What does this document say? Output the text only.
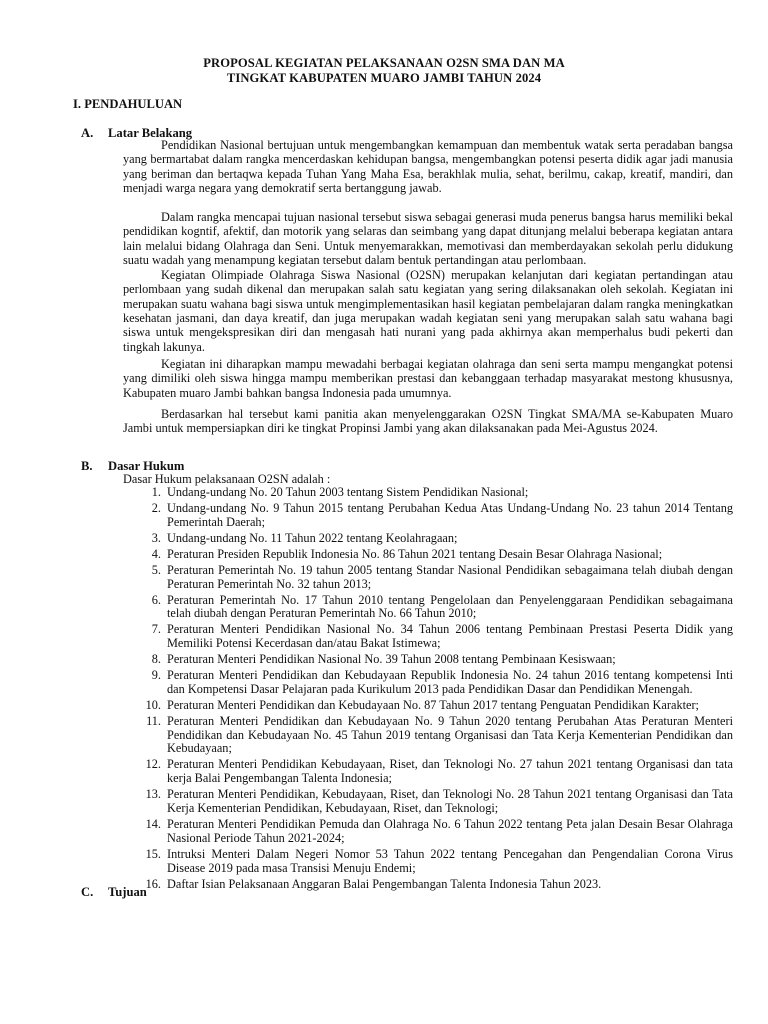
PROPOSAL KEGIATAN PELAKSANAAN O2SN SMA DAN MA
TINGKAT KABUPATEN MUARO JAMBI TAHUN 2024
I. PENDAHULUAN
A. Latar Belakang

Pendidikan Nasional bertujuan untuk mengembangkan kemampuan dan membentuk watak serta peradaban bangsa yang bermartabat dalam rangka mencerdaskan kehidupan bangsa, mengembangkan potensi peserta didik agar jadi manusia yang beriman dan bertaqwa kepada Tuhan Yang Maha Esa, berakhlak mulia, sehat, berilmu, cakap, kreatif, mandiri, dan menjadi warga negara yang demokratif serta bertanggung jawab.

Dalam rangka mencapai tujuan nasional tersebut siswa sebagai generasi muda penerus bangsa harus memiliki bekal pendidikan kogntif, afektif, dan motorik yang selaras dan seimbang yang dapat ditunjang melalui beberapa kegiatan antara lain melalui bidang Olahraga dan Seni. Untuk menyemarakkan, memotivasi dan memberdayakan sekolah perlu didukung suatu wadah yang menampung kegiatan tersebut dalam bentuk pertandingan atau perlombaan.

Kegiatan Olimpiade Olahraga Siswa Nasional (O2SN) merupakan kelanjutan dari kegiatan pertandingan atau perlombaan yang sudah dikenal dan merupakan salah satu kegiatan yang sering dilaksanakan oleh sekolah. Kegiatan ini merupakan suatu wahana bagi siswa untuk mengimplementasikan hasil kegiatan pembelajaran dalam rangka meningkatkan kesehatan jasmani, dan daya kreatif, dan juga merupakan wadah kegiatan seni yang merupakan salah satu wahana bagi siswa untuk mengekspresikan diri dan mengasah hati nurani yang pada akhirnya akan memperhalus budi pekerti dan tingkah lakunya.

Kegiatan ini diharapkan mampu mewadahi berbagai kegiatan olahraga dan seni serta mampu mengangkat potensi yang dimiliki oleh siswa hingga mampu memberikan prestasi dan kebanggaan terhadap masyarakat mestong khususnya, Kabupaten muaro Jambi bahkan bangsa Indonesia pada umumnya.

Berdasarkan hal tersebut kami panitia akan menyelenggarakan O2SN Tingkat SMA/MA se-Kabupaten Muaro Jambi untuk mempersiapkan diri ke tingkat Propinsi Jambi yang akan dilaksanakan pada Mei-Agustus 2024.

B. Dasar Hukum
Dasar Hukum pelaksanaan O2SN adalah :
1. Undang-undang No. 20 Tahun 2003 tentang Sistem Pendidikan Nasional;
2. Undang-undang No. 9 Tahun 2015 tentang Perubahan Kedua Atas Undang-Undang No. 23 tahun 2014 Tentang Pemerintah Daerah;
3. Undang-undang No. 11 Tahun 2022 tentang Keolahragaan;
4. Peraturan Presiden Republik Indonesia No. 86 Tahun 2021 tentang Desain Besar Olahraga Nasional;
5. Peraturan Pemerintah No. 19 tahun 2005 tentang Standar Nasional Pendidikan sebagaimana telah diubah dengan Peraturan Pemerintah No. 32 tahun 2013;
6. Peraturan Pemerintah No. 17 Tahun 2010 tentang Pengelolaan dan Penyelenggaraan Pendidikan sebagaimana telah diubah dengan Peraturan Pemerintah No. 66 Tahun 2010;
7. Peraturan Menteri Pendidikan Nasional No. 34 Tahun 2006 tentang Pembinaan Prestasi Peserta Didik yang Memiliki Potensi Kecerdasan dan/atau Bakat Istimewa;
8. Peraturan Menteri Pendidikan Nasional No. 39 Tahun 2008 tentang Pembinaan Kesiswaan;
9. Peraturan Menteri Pendidikan dan Kebudayaan Republik Indonesia No. 24 tahun 2016 tentang kompetensi Inti dan Kompetensi Dasar Pelajaran pada Kurikulum 2013 pada Pendidikan Dasar dan Pendidikan Menengah.
10. Peraturan Menteri Pendidikan dan Kebudayaan No. 87 Tahun 2017 tentang Penguatan Pendidikan Karakter;
11. Peraturan Menteri Pendidikan dan Kebudayaan No. 9 Tahun 2020 tentang Perubahan Atas Peraturan Menteri Pendidikan dan Kebudayaan No. 45 Tahun 2019 tentang Organisasi dan Tata Kerja Kementerian Pendidikan dan Kebudayaan;
12. Peraturan Menteri Pendidikan Kebudayaan, Riset, dan Teknologi No. 27 tahun 2021 tentang Organisasi dan tata kerja Balai Pengembangan Talenta Indonesia;
13. Peraturan Menteri Pendidikan, Kebudayaan, Riset, dan Teknologi No. 28 Tahun 2021 tentang Organisasi dan Tata Kerja Kementerian Pendidikan, Kebudayaan, Riset, dan Teknologi;
14. Peraturan Menteri Pendidikan Pemuda dan Olahraga No. 6 Tahun 2022 tentang Peta jalan Desain Besar Olahraga Nasional Periode Tahun 2021-2024;
15. Intruksi Menteri Dalam Negeri Nomor 53 Tahun 2022 tentang Pencegahan dan Pengendalian Corona Virus Disease 2019 pada masa Transisi Menuju Endemi;
16. Daftar Isian Pelaksanaan Anggaran Balai Pengembangan Talenta Indonesia Tahun 2023.
C. Tujuan
